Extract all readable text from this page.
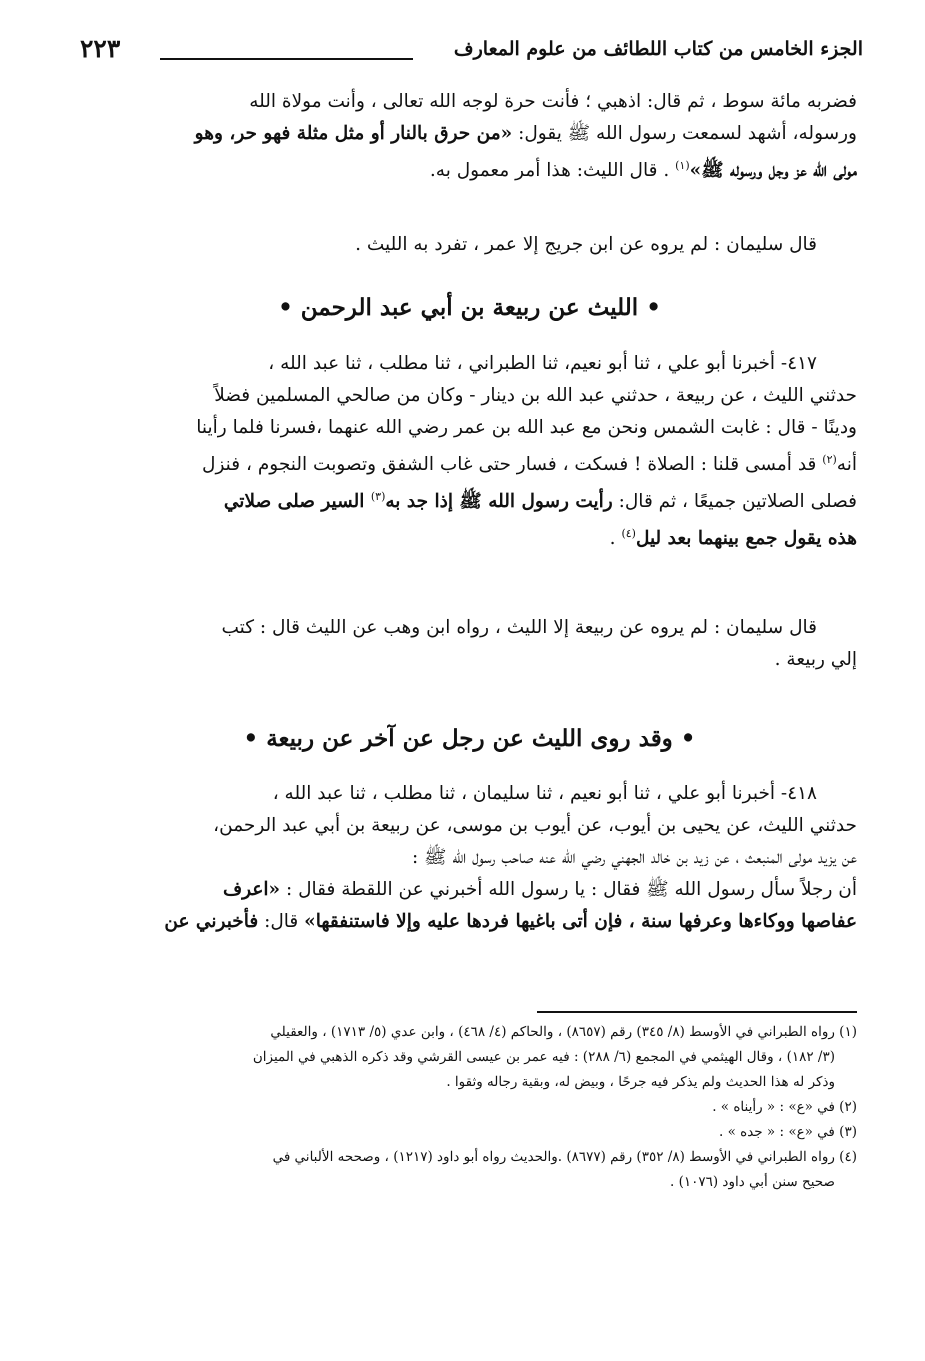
الجزء الخامس من كتاب اللطائف من علوم المعارف
٢٢٣
فضربه مائة سوط ، ثم قال: اذهبي ؛ فأنت حرة لوجه الله تعالى ، وأنت مولاة الله
ورسوله، أشهد لسمعت رسول الله ﷺ يقول: «من حرق بالنار أو مثل مثلة فهو حر، وهو
مولى الله عز وجل ورسوله ﷺ»$^{(١)}$ . قال الليث: هذا أمر معمول به.
قال سليمان : لم يروه عن ابن جريج إلا عمر ، تفرد به الليث .
• الليث عن ربيعة بن أبي عبد الرحمن •
٤١٧- أخبرنا أبو علي ، ثنا أبو نعيم، ثنا الطبراني ، ثنا مطلب ، ثنا عبد الله ،
حدثني الليث ، عن ربيعة ، حدثني عبد الله بن دينار - وكان من صالحي المسلمين فضلاً
ودينًا - قال : غابت الشمس ونحن مع عبد الله بن عمر رضي الله عنهما ،فسرنا فلما رأينا
أنه$^{(٢)}$ قد أمسى قلنا : الصلاة ! فسكت ، فسار حتى غاب الشفق وتصوبت النجوم ، فنزل
فصلى الصلاتين جميعًا ، ثم قال: رأيت رسول الله ﷺ إذا جد به$^{(٣)}$ السير صلى صلاتي
هذه يقول جمع بينهما بعد ليل$^{(٤)}$ .
قال سليمان : لم يروه عن ربيعة إلا الليث ، رواه ابن وهب عن الليث قال : كتب
إلي ربيعة .
• وقد روى الليث عن رجل عن آخر عن ربيعة •
٤١٨- أخبرنا أبو علي ، ثنا أبو نعيم ، ثنا سليمان ، ثنا مطلب ، ثنا عبد الله ،
حدثني الليث، عن يحيى بن أيوب، عن أيوب بن موسى، عن ربيعة بن أبي عبد الرحمن،
عن يزيد مولى المنبعث ، عن زيد بن خالد الجهني رضي الله عنه صاحب رسول الله ﷺ :
أن رجلاً سأل رسول الله ﷺ فقال : يا رسول الله أخبرني عن اللقطة فقال : «اعرف
عفاصها ووكاءها وعرفها سنة ، فإن أتى باغيها فردها عليه وإلا فاستنفقها» قال: فأخبرني عن
(١) رواه الطبراني في الأوسط (٨/ ٣٤٥) رقم (٨٦٥٧) ، والحاكم (٤/ ٤٦٨) ، وابن عدي (٥/ ١٧١٣) ، والعقيلي
(٣/ ١٨٢) ، وقال الهيثمي في المجمع (٦/ ٢٨٨) : فيه عمر بن عيسى القرشي وقد ذكره الذهبي في الميزان
وذكر له هذا الحديث ولم يذكر فيه جرحًا ، وبيض له، وبقية رجاله وثقوا .
(٢) في «ع» : « رأيناه » .
(٣) في «ع» : « جده » .
(٤) رواه الطبراني في الأوسط (٨/ ٣٥٢) رقم (٨٦٧٧) .والحديث رواه أبو داود (١٢١٧) ، وصححه الألباني في
صحيح سنن أبي داود (١٠٧٦) .
